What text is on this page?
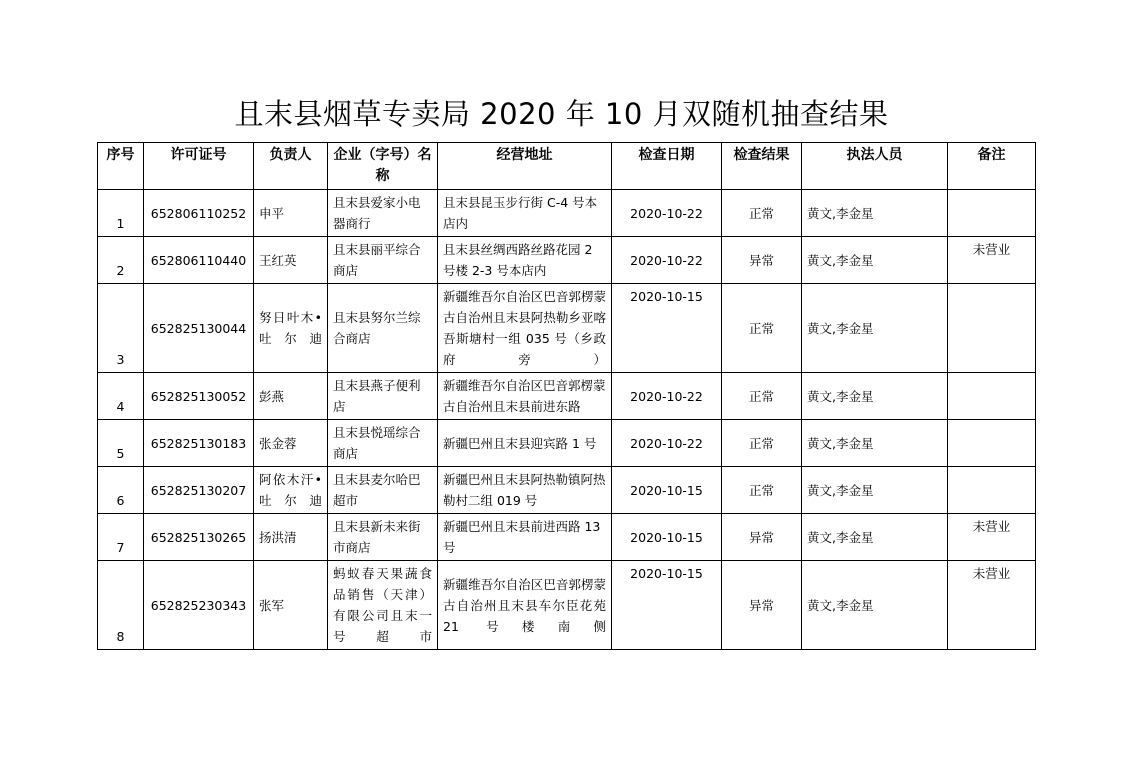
且末县烟草专卖局 2020 年 10 月双随机抽查结果
序号	许可证号	负责人	企业（字号）名称	经营地址	检查日期	检查结果	执法人员	备注
1	652806110252	申平	且末县爱家小电器商行	且末县昆玉步行街 C-4 号本店内	2020-10-22	正常	黄文,李金星	
2	652806110440	王红英	且末县丽平综合商店	且末县丝绸西路丝路花园 2 号楼 2-3 号本店内	2020-10-22	异常	黄文,李金星	未营业
3	652825130044	努日叶木•吐尔迪	且末县努尔兰综合商店	新疆维吾尔自治区巴音郭楞蒙古自治州且末县阿热勒乡亚喀吾斯塘村一组 035 号（乡政府旁）	2020-10-15	正常	黄文,李金星	
4	652825130052	彭燕	且末县燕子便利店	新疆维吾尔自治区巴音郭楞蒙古自治州且末县前进东路	2020-10-22	正常	黄文,李金星	
5	652825130183	张金蓉	且末县悦瑶综合商店	新疆巴州且末县迎宾路 1 号	2020-10-22	正常	黄文,李金星	
6	652825130207	阿依木汗•吐尔迪	且末县麦尔哈巴超市	新疆巴州且末县阿热勒镇阿热勒村二组 019 号	2020-10-15	正常	黄文,李金星	
7	652825130265	扬洪清	且末县新未来街市商店	新疆巴州且末县前进西路 13 号	2020-10-15	异常	黄文,李金星	未营业
8	652825230343	张军	蚂蚁春天果蔬食品销售（天津）有限公司且末一号超市	新疆维吾尔自治区巴音郭楞蒙古自治州且末县车尔臣花苑 21 号楼南侧	2020-10-15	异常	黄文,李金星	未营业
